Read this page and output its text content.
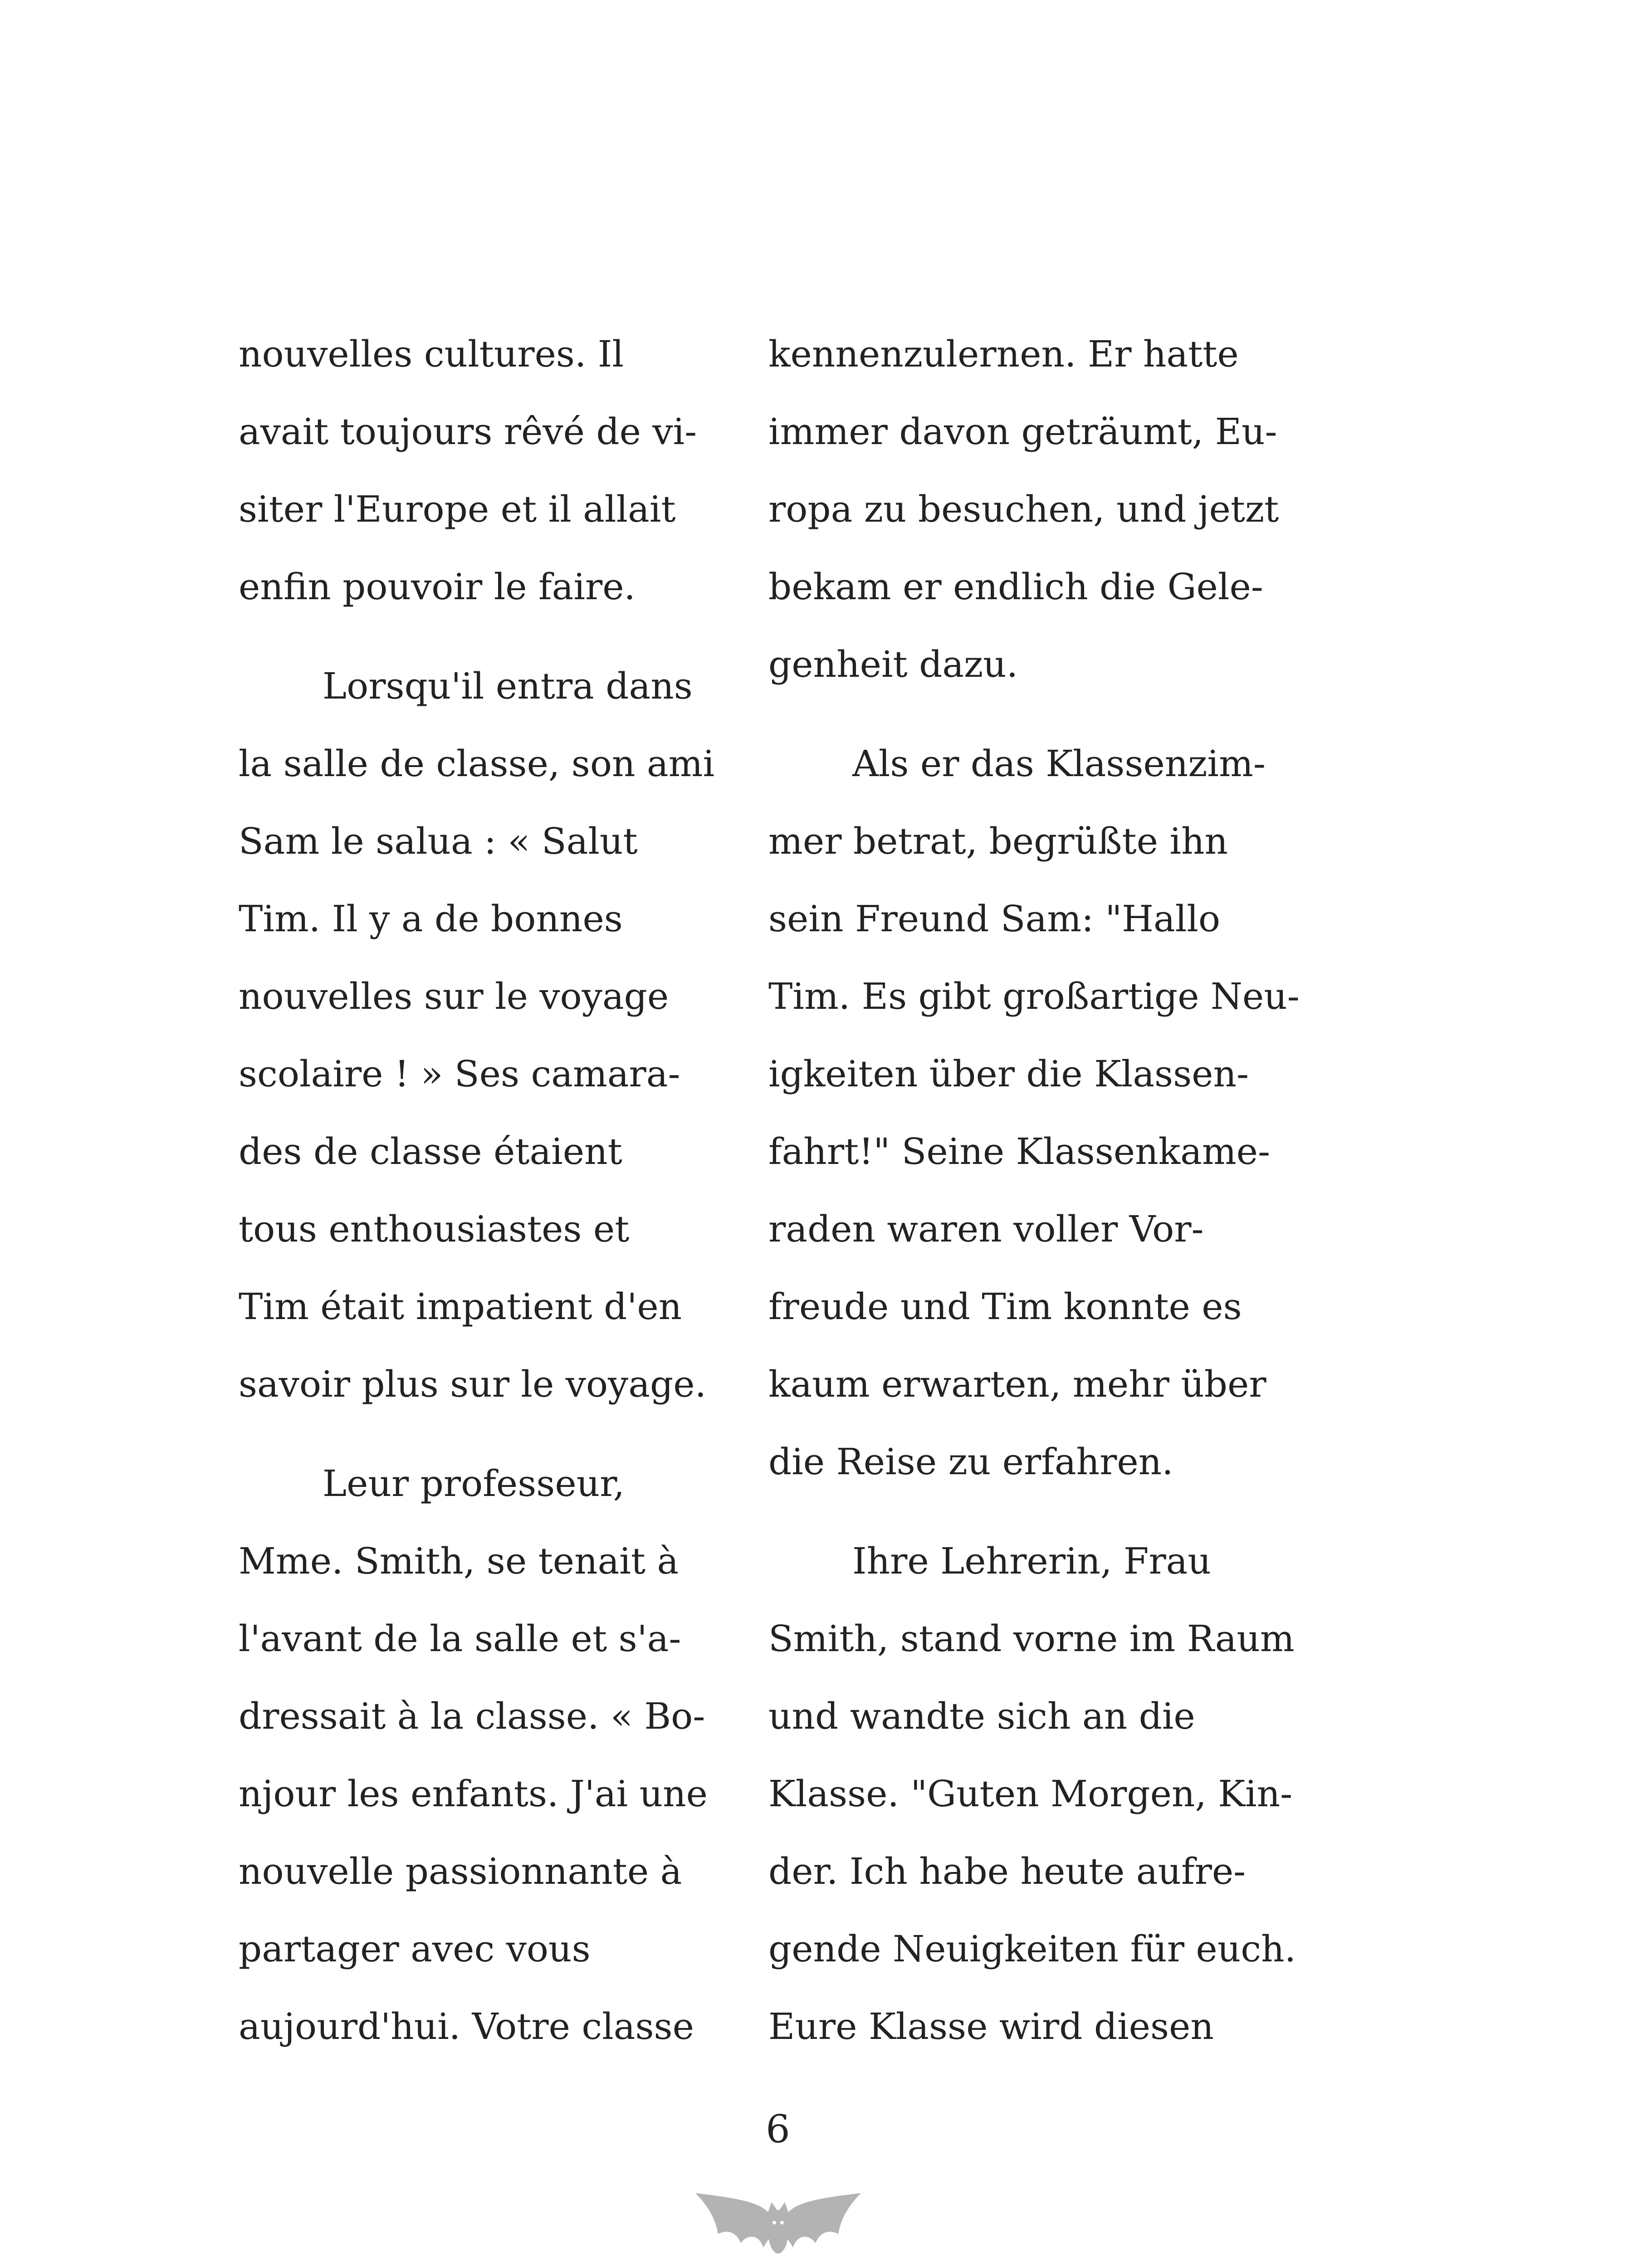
nouvelles cultures. Il
avait toujours rêvé de vi-
siter l'Europe et il allait
enfin pouvoir le faire.
Lorsqu'il entra dans
la salle de classe, son ami
Sam le salua : « Salut
Tim. Il y a de bonnes
nouvelles sur le voyage
scolaire ! » Ses camara-
des de classe étaient
tous enthousiastes et
Tim était impatient d'en
savoir plus sur le voyage.
Leur professeur,
Mme. Smith, se tenait à
l'avant de la salle et s'a-
dressait à la classe. « Bo-
njour les enfants. J'ai une
nouvelle passionnante à
partager avec vous
aujourd'hui. Votre classe
kennenzulernen. Er hatte
immer davon geträumt, Eu-
ropa zu besuchen, und jetzt
bekam er endlich die Gele-
genheit dazu.
Als er das Klassenzim-
mer betrat, begrüßte ihn
sein Freund Sam: "Hallo
Tim. Es gibt großartige Neu-
igkeiten über die Klassen-
fahrt!" Seine Klassenkame-
raden waren voller Vor-
freude und Tim konnte es
kaum erwarten, mehr über
die Reise zu erfahren.
Ihre Lehrerin, Frau
Smith, stand vorne im Raum
und wandte sich an die
Klasse. "Guten Morgen, Kin-
der. Ich habe heute aufre-
gende Neuigkeiten für euch.
Eure Klasse wird diesen
6
